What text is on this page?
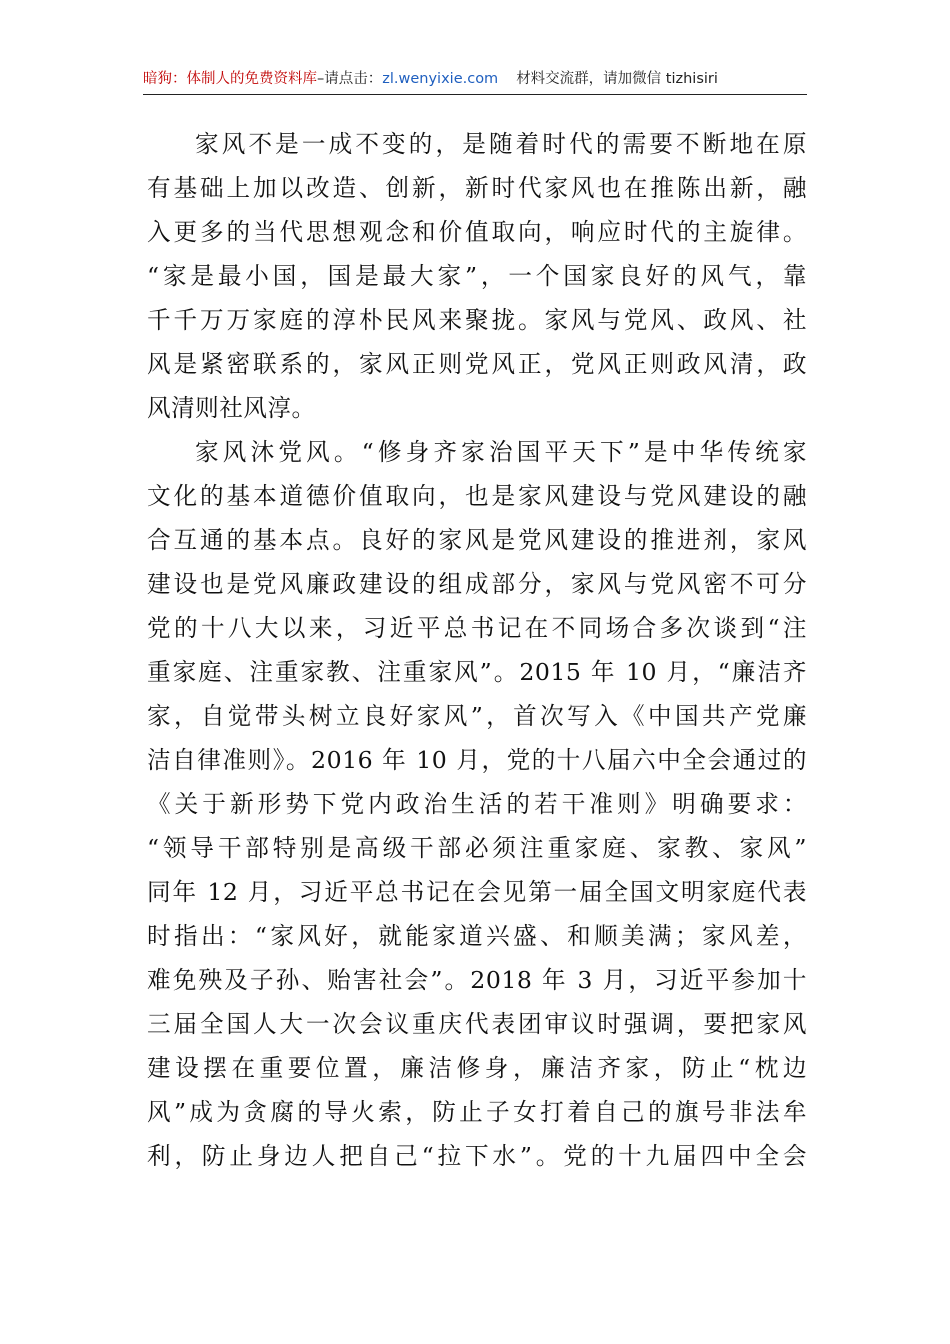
暗狗：体制人的免费资料库–请点击：zl.wenyixie.com 材料交流群，请加微信 tizhisiri
家风不是一成不变的，是随着时代的需要不断地在原
有基础上加以改造、创新，新时代家风也在推陈出新，融
入更多的当代思想观念和价值取向，响应时代的主旋律。
“家是最小国，国是最大家”，一个国家良好的风气，靠
千千万万家庭的淳朴民风来聚拢。家风与党风、政风、社
风是紧密联系的，家风正则党风正，党风正则政风清，政
风清则社风淳。
家风沐党风。“修身齐家治国平天下”是中华传统家
文化的基本道德价值取向，也是家风建设与党风建设的融
合互通的基本点。良好的家风是党风建设的推进剂，家风
建设也是党风廉政建设的组成部分，家风与党风密不可分
党的十八大以来，习近平总书记在不同场合多次谈到“注
重家庭、注重家教、注重家风”。2015 年 10 月，“廉洁齐
家，自觉带头树立良好家风”，首次写入《中国共产党廉
洁自律准则》。2016 年 10 月，党的十八届六中全会通过的
《关于新形势下党内政治生活的若干准则》明确要求：
“领导干部特别是高级干部必须注重家庭、家教、家风”
同年 12 月，习近平总书记在会见第一届全国文明家庭代表
时指出：“家风好，就能家道兴盛、和顺美满；家风差，
难免殃及子孙、贻害社会”。2018 年 3 月，习近平参加十
三届全国人大一次会议重庆代表团审议时强调，要把家风
建设摆在重要位置，廉洁修身，廉洁齐家，防止“枕边
风”成为贪腐的导火索，防止子女打着自己的旗号非法牟
利，防止身边人把自己“拉下水”。党的十九届四中全会
